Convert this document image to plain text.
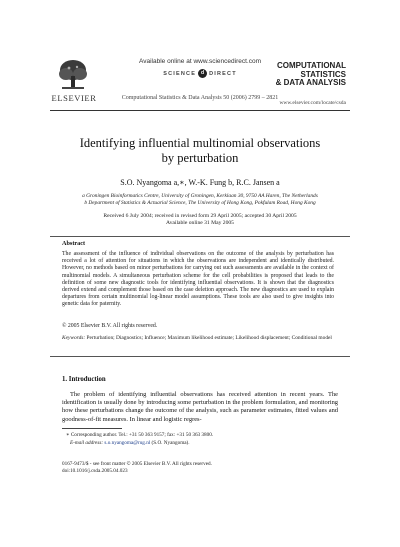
ELSEVIER
Available online at www.sciencedirect.com
SCIENCE d DIRECT
Computational Statistics & Data Analysis 50 (2006) 2799 – 2821
COMPUTATIONAL
STATISTICS
& DATA ANALYSIS
www.elsevier.com/locate/csda
Identifying influential multinomial observations
by perturbation
S.O. Nyangoma a,∗, W.-K. Fung b, R.C. Jansen a
a Groningen Bioinformatics Centre, University of Groningen, Kerklaan 30, 9750 AA Haren, The Netherlands
b Department of Statistics & Actuarial Science, The University of Hong Kong, Pokfulam Road, Hong Kong
Received 6 July 2004; received in revised form 29 April 2005; accepted 30 April 2005
Available online 31 May 2005
Abstract
The assessment of the influence of individual observations on the outcome of the analysis by perturbation has received a lot of attention for situations in which the observations are independent and identically distributed. However, no methods based on minor perturbations for carrying out such assessments are available in the context of multinomial models. A simultaneous perturbation scheme for the cell probabilities is proposed that leads to the definition of some new diagnostic tools for identifying influential observations. It is shown that the diagnostics derived extend and complement those based on the case deletion approach. The new diagnostics are used to explain departures from certain multinomial log-linear model assumptions. These tools are also used to give insights into genetic data for paternity.
© 2005 Elsevier B.V. All rights reserved.
Keywords: Perturbation; Diagnostics; Influence; Maximum likelihood estimate; Likelihood displacement; Conditional model
1. Introduction
The problem of identifying influential observations has received attention in recent years. The identification is usually done by introducing some perturbation in the problem formulation, and monitoring how these perturbations change the outcome of the analysis, such as parameter estimates, fitted values and goodness-of-fit measures. In linear and logistic regres-
∗ Corresponding author. Tel.: +31 50 363 9157; fax: +31 50 363 3800.
E-mail address: s.o.nyangoma@rug.nl (S.O. Nyangoma).
0167-9473/$ - see front matter © 2005 Elsevier B.V. All rights reserved.
doi:10.1016/j.csda.2005.04.023
